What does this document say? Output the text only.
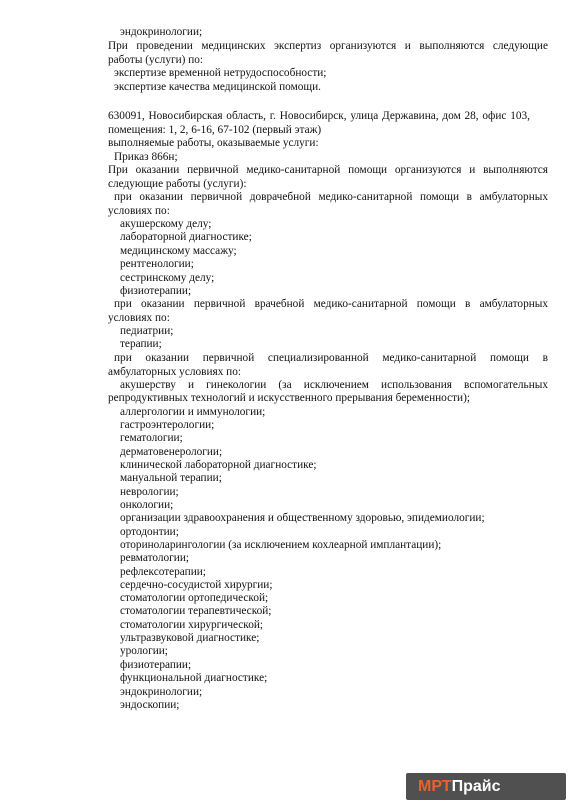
эндокринологии;
При проведении медицинских экспертиз организуются и выполняются следующие
работы (услуги) по:
экспертизе временной нетрудоспособности;
экспертизе качества медицинской помощи.
630091, Новосибирская область, г. Новосибирск, улица Державина, дом 28, офис 103,
помещения: 1, 2, 6-16, 67-102 (первый этаж)
выполняемые работы, оказываемые услуги:
Приказ 866н;
При оказании первичной медико-санитарной помощи организуются и выполняются
следующие работы (услуги):
при оказании первичной доврачебной медико-санитарной помощи в амбулаторных
условиях по:
акушерскому делу;
лабораторной диагностике;
медицинскому массажу;
рентгенологии;
сестринскому делу;
физиотерапии;
при оказании первичной врачебной медико-санитарной помощи в амбулаторных
условиях по:
педиатрии;
терапии;
при оказании первичной специализированной медико-санитарной помощи в
амбулаторных условиях по:
акушерству и гинекологии (за исключением использования вспомогательных
репродуктивных технологий и искусственного прерывания беременности);
аллергологии и иммунологии;
гастроэнтерологии;
гематологии;
дерматовенерологии;
клинической лабораторной диагностике;
мануальной терапии;
неврологии;
онкологии;
организации здравоохранения и общественному здоровью, эпидемиологии;
ортодонтии;
оториноларингологии (за исключением кохлеарной имплантации);
ревматологии;
рефлексотерапии;
сердечно-сосудистой хирургии;
стоматологии ортопедической;
стоматологии терапевтической;
стоматологии хирургической;
ультразвуковой диагностике;
урологии;
физиотерапии;
функциональной диагностике;
эндокринологии;
эндоскопии;
МРТ Прайс
